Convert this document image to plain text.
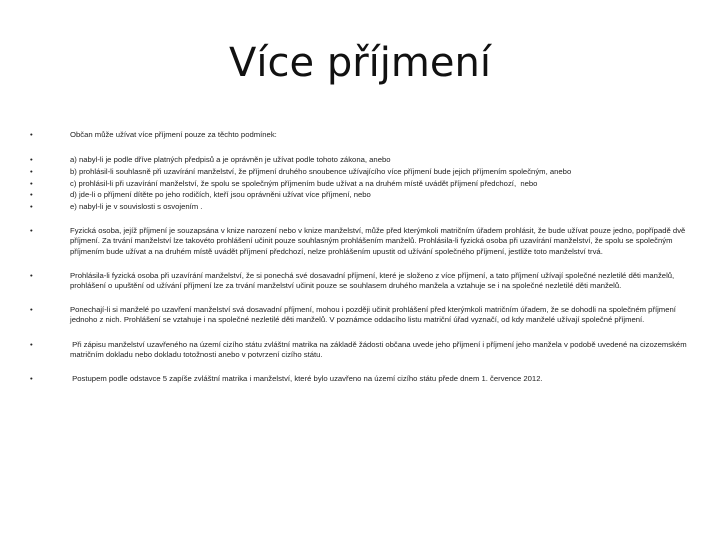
Více příjmení
•	Občan může užívat více příjmení pouze za těchto podmínek:
•	a) nabyl-li je podle dříve platných předpisů a je oprávněn je užívat podle tohoto zákona, anebo
•	b) prohlásil-li souhlasně při uzavírání manželství, že příjmení druhého snoubence užívajícího více příjmení bude jejich příjmením společným, anebo
•	c) prohlásil-li při uzavírání manželství, že spolu se společným příjmením bude užívat a na druhém místě uvádět příjmení předchozí,  nebo
•	d) jde-li o příjmení dítěte po jeho rodičích, kteří jsou oprávněni užívat více příjmení, nebo
•	e) nabyl-li je v souvislosti s osvojením .
•	Fyzická osoba, jejíž příjmení je souzapsána v knize narození nebo v knize manželství, může před kterýmkoli matričním úřadem prohlásit, že bude užívat pouze jedno, popřípadě dvě příjmení. Za trvání manželství lze takovéto prohlášení učinit pouze souhlasným prohlášením manželů. Prohlásila-li fyzická osoba při uzavírání manželství, že spolu se společným příjmením bude užívat a na druhém místě uvádět příjmení předchozí, nelze prohlášením upustit od užívání společného příjmení, jestliže toto manželství trvá.
•	Prohlásila-li fyzická osoba při uzavírání manželství, že si ponechá své dosavadní příjmení, které je složeno z více příjmení, a tato příjmení užívají společné nezletilé děti manželů, prohlášení o upuštění od užívání příjmení lze za trvání manželství učinit pouze se souhlasem druhého manžela a vztahuje se i na společné nezletilé děti manželů.
•	Ponechají-li si manželé po uzavření manželství svá dosavadní příjmení, mohou i později učinit prohlášení před kterýmkoli matričním úřadem, že se dohodli na společném příjmení jednoho z nich. Prohlášení se vztahuje i na společné nezletilé děti manželů. V poznámce oddacího listu matriční úřad vyznačí, od kdy manželé užívají společné příjmení.
•	Při zápisu manželství uzavřeného na území cizího státu zvláštní matrika na základě žádosti občana uvede jeho příjmení i příjmení jeho manžela v podobě uvedené na cizozemském matričním dokladu nebo dokladu totožnosti anebo v potvrzení cizího státu.
•	Postupem podle odstavce 5 zapíše zvláštní matrika i manželství, které bylo uzavřeno na území cizího státu přede dnem 1. července 2012.
